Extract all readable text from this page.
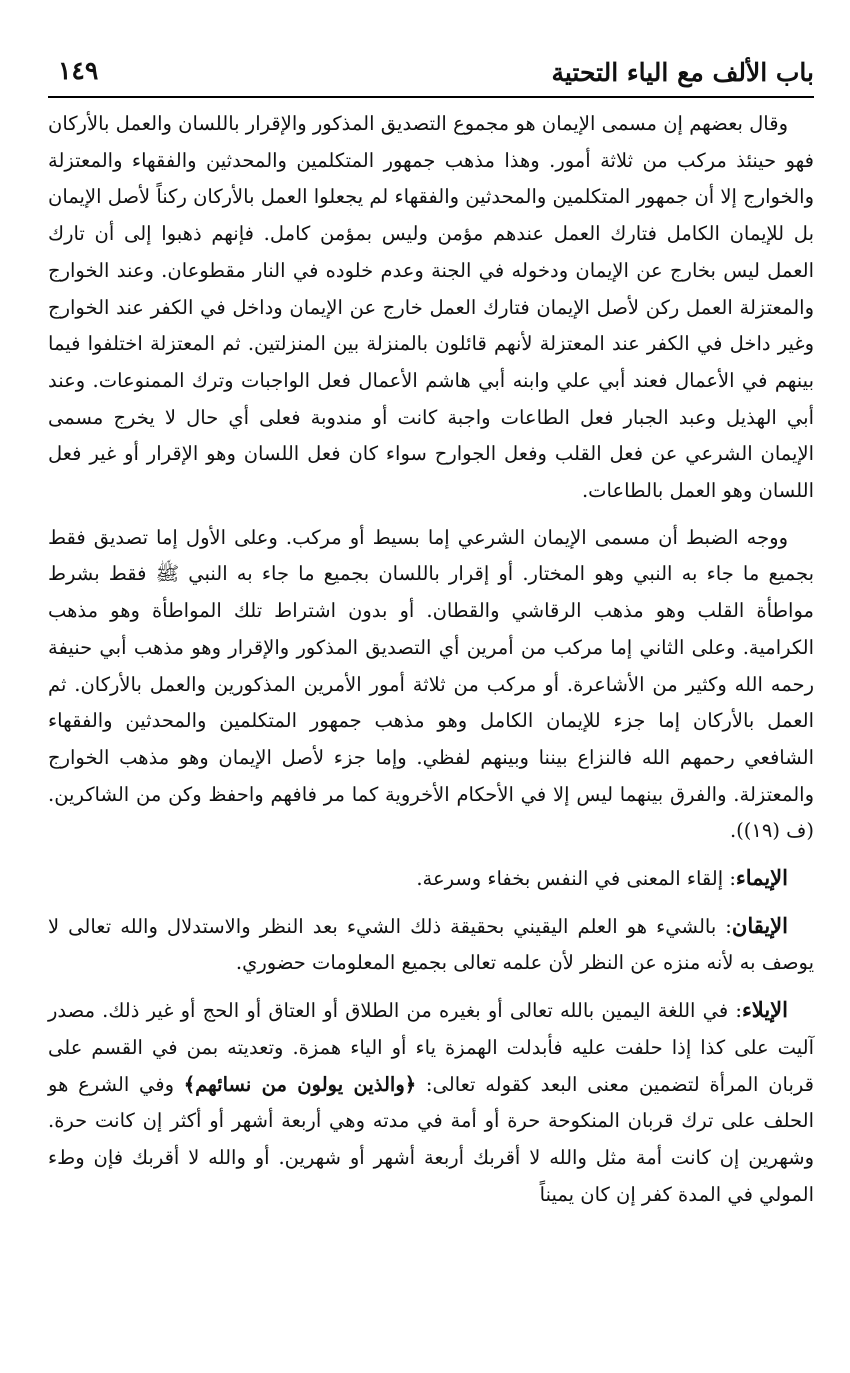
باب الألف مع الياء التحتية
١٤٩

وقال بعضهم إن مسمى الإيمان هو مجموع التصديق المذكور والإقرار باللسان والعمل بالأركان فهو حينئذ مركب من ثلاثة أمور. وهذا مذهب جمهور المتكلمين والمحدثين والفقهاء والمعتزلة والخوارج إلا أن جمهور المتكلمين والمحدثين والفقهاء لم يجعلوا العمل بالأركان ركناً لأصل الإيمان بل للإيمان الكامل فتارك العمل عندهم مؤمن وليس بمؤمن كامل. فإنهم ذهبوا إلى أن تارك العمل ليس بخارج عن الإيمان ودخوله في الجنة وعدم خلوده في النار مقطوعان. وعند الخوارج والمعتزلة العمل ركن لأصل الإيمان فتارك العمل خارج عن الإيمان وداخل في الكفر عند الخوارج وغير داخل في الكفر عند المعتزلة لأنهم قائلون بالمنزلة بين المنزلتين. ثم المعتزلة اختلفوا فيما بينهم في الأعمال فعند أبي علي وابنه أبي هاشم الأعمال فعل الواجبات وترك الممنوعات. وعند أبي الهذيل وعبد الجبار فعل الطاعات واجبة كانت أو مندوبة فعلى أي حال لا يخرج مسمى الإيمان الشرعي عن فعل القلب وفعل الجوارح سواء كان فعل اللسان وهو الإقرار أو غير فعل اللسان وهو العمل بالطاعات.

ووجه الضبط أن مسمى الإيمان الشرعي إما بسيط أو مركب. وعلى الأول إما تصديق فقط بجميع ما جاء به النبي وهو المختار. أو إقرار باللسان بجميع ما جاء به النبي ﷺ فقط بشرط مواطأة القلب وهو مذهب الرقاشي والقطان. أو بدون اشتراط تلك المواطأة وهو مذهب الكرامية. وعلى الثاني إما مركب من أمرين أي التصديق المذكور والإقرار وهو مذهب أبي حنيفة رحمه الله وكثير من الأشاعرة. أو مركب من ثلاثة أمور الأمرين المذكورين والعمل بالأركان. ثم العمل بالأركان إما جزء للإيمان الكامل وهو مذهب جمهور المتكلمين والمحدثين والفقهاء الشافعي رحمهم الله فالنزاع بيننا وبينهم لفظي. وإما جزء لأصل الإيمان وهو مذهب الخوارج والمعتزلة. والفرق بينهما ليس إلا في الأحكام الأخروية كما مر فافهم واحفظ وكن من الشاكرين. (ف (١٩)).

الإيماء: إلقاء المعنى في النفس بخفاء وسرعة.

الإيقان: بالشيء هو العلم اليقيني بحقيقة ذلك الشيء بعد النظر والاستدلال والله تعالى لا يوصف به لأنه منزه عن النظر لأن علمه تعالى بجميع المعلومات حضوري.

الإيلاء: في اللغة اليمين بالله تعالى أو بغيره من الطلاق أو العتاق أو الحج أو غير ذلك. مصدر آليت على كذا إذا حلفت عليه فأبدلت الهمزة ياء أو الياء همزة. وتعديته بمن في القسم على قربان المرأة لتضمين معنى البعد كقوله تعالى: ﴿والذين يولون من نسائهم﴾ وفي الشرع هو الحلف على ترك قربان المنكوحة حرة أو أمة في مدته وهي أربعة أشهر أو أكثر إن كانت حرة. وشهرين إن كانت أمة مثل والله لا أقربك أربعة أشهر أو شهرين. أو والله لا أقربك فإن وطء المولي في المدة كفر إن كان يميناً
